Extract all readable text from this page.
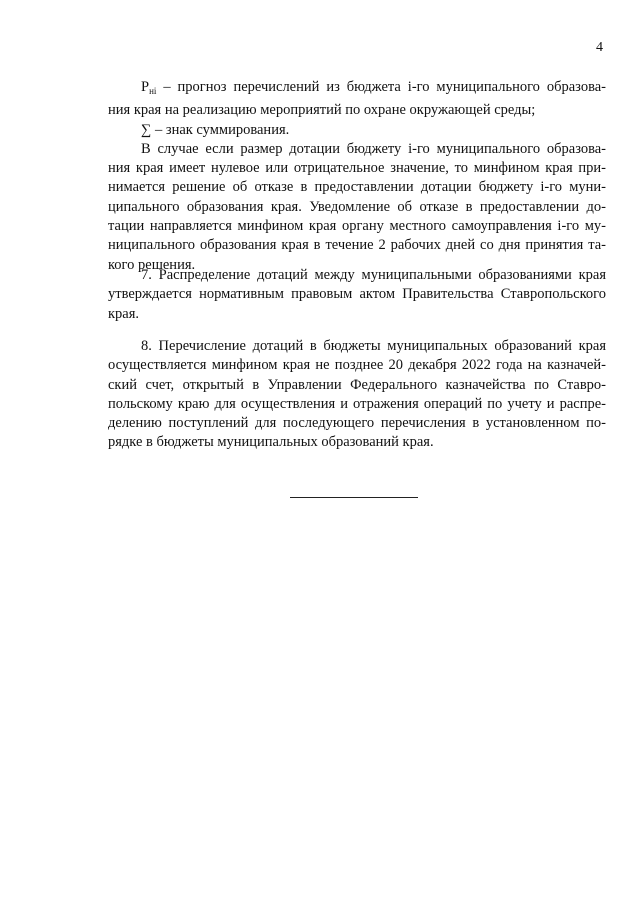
4
$P_{ні}$ – прогноз перечислений из бюджета i-го муниципального образова-
ния края на реализацию мероприятий по охране окружающей среды;
∑ – знак суммирования.
В случае если размер дотации бюджету i-го муниципального образова-
ния края имеет нулевое или отрицательное значение, то минфином края при-
нимается решение об отказе в предоставлении дотации бюджету i-го муни-
ципального образования края. Уведомление об отказе в предоставлении до-
тации направляется минфином края органу местного самоуправления i-го му-
ниципального образования края в течение 2 рабочих дней со дня принятия та-
кого решения.
7. Распределение дотаций между муниципальными образованиями края
утверждается нормативным правовым актом Правительства Ставропольского
края.
8. Перечисление дотаций в бюджеты муниципальных образований края
осуществляется минфином края не позднее 20 декабря 2022 года на казначей-
ский счет, открытый в Управлении Федерального казначейства по Ставро-
польскому краю для осуществления и отражения операций по учету и распре-
делению поступлений для последующего перечисления в установленном по-
рядке в бюджеты муниципальных образований края.
